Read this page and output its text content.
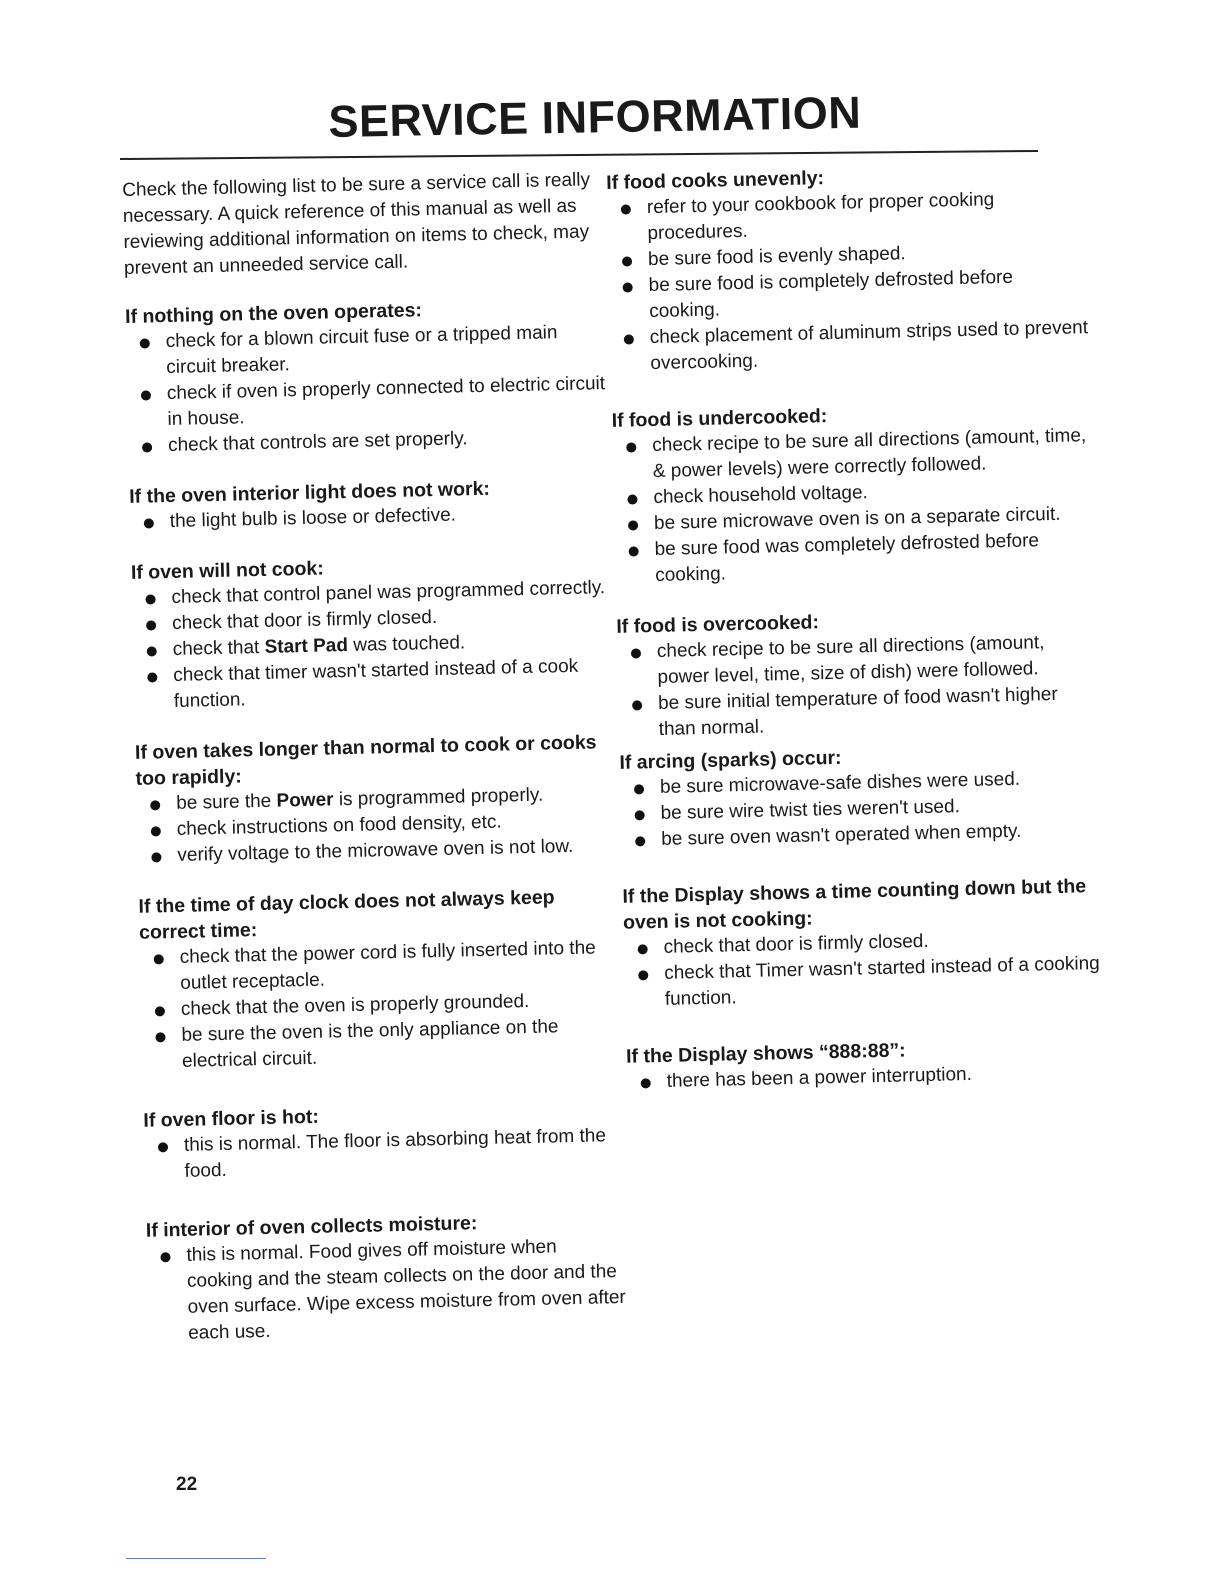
SERVICE INFORMATION

Check the following list to be sure a service call is really necessary. A quick reference of this manual as well as reviewing additional information on items to check, may prevent an unneeded service call.

If nothing on the oven operates:
check for a blown circuit fuse or a tripped main circuit breaker.
check if oven is properly connected to electric circuit in house.
check that controls are set properly.
If the oven interior light does not work:
the light bulb is loose or defective.
If oven will not cook:
check that control panel was programmed correctly.
check that door is firmly closed.
check that Start Pad was touched.
check that timer wasn't started instead of a cook function.
If oven takes longer than normal to cook or cooks too rapidly:
be sure the Power is programmed properly.
check instructions on food density, etc.
verify voltage to the microwave oven is not low.
If the time of day clock does not always keep correct time:
check that the power cord is fully inserted into the outlet receptacle.
check that the oven is properly grounded.
be sure the oven is the only appliance on the electrical circuit.
If oven floor is hot:
this is normal. The floor is absorbing heat from the food.
If interior of oven collects moisture:
this is normal. Food gives off moisture when cooking and the steam collects on the door and the oven surface. Wipe excess moisture from oven after each use.
If food cooks unevenly:
refer to your cookbook for proper cooking procedures.
be sure food is evenly shaped.
be sure food is completely defrosted before cooking.
check placement of aluminum strips used to prevent overcooking.
If food is undercooked:
check recipe to be sure all directions (amount, time, & power levels) were correctly followed.
check household voltage.
be sure microwave oven is on a separate circuit.
be sure food was completely defrosted before cooking.
If food is overcooked:
check recipe to be sure all directions (amount, power level, time, size of dish) were followed.
be sure initial temperature of food wasn't higher than normal.
If arcing (sparks) occur:
be sure microwave-safe dishes were used.
be sure wire twist ties weren't used.
be sure oven wasn't operated when empty.
If the Display shows a time counting down but the oven is not cooking:
check that door is firmly closed.
check that Timer wasn't started instead of a cooking function.
If the Display shows “888:88”:
there has been a power interruption.
22
